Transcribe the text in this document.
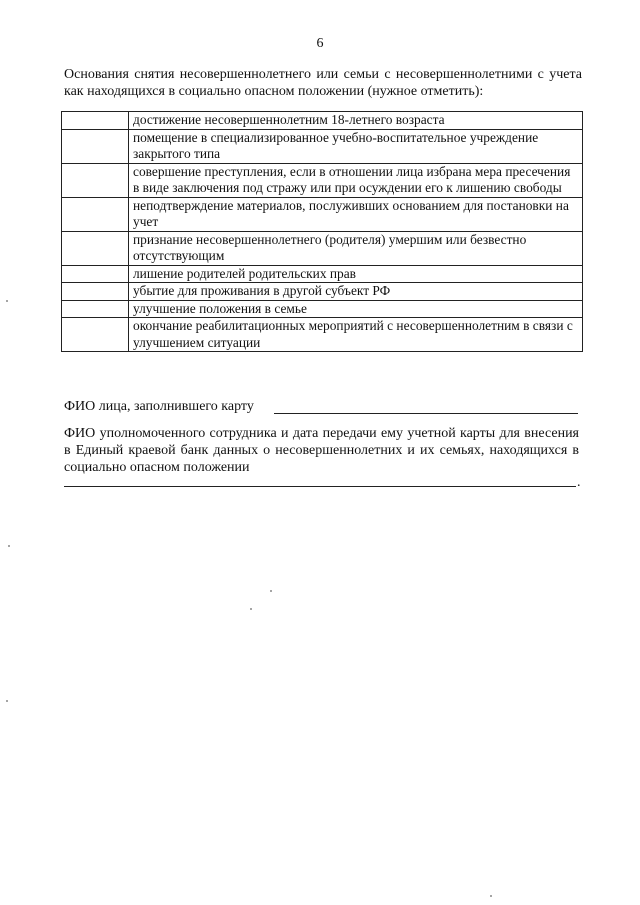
6
Основания снятия несовершеннолетнего или семьи с несовершеннолетними с учета как находящихся в социально опасном положении (нужное отметить):
	достижение несовершеннолетним 18-летнего возраста
	помещение в специализированное учебно-воспитательное учреждение закрытого типа
	совершение преступления, если в отношении лица избрана мера пресечения в виде заключения под стражу или при осуждении его к лишению свободы
	неподтверждение материалов, послуживших основанием для постановки на учет
	признание несовершеннолетнего (родителя) умершим или безвестно отсутствующим
	лишение родителей родительских прав
	убытие для проживания в другой субъект РФ
	улучшение положения в семье
	окончание реабилитационных мероприятий с несовершеннолетним в связи с улучшением ситуации
ФИО лица, заполнившего карту
ФИО уполномоченного сотрудника и дата передачи ему учетной карты для внесения в Единый краевой банк данных о несовершеннолетних и их семьях, находящихся в социально опасном положении
.
